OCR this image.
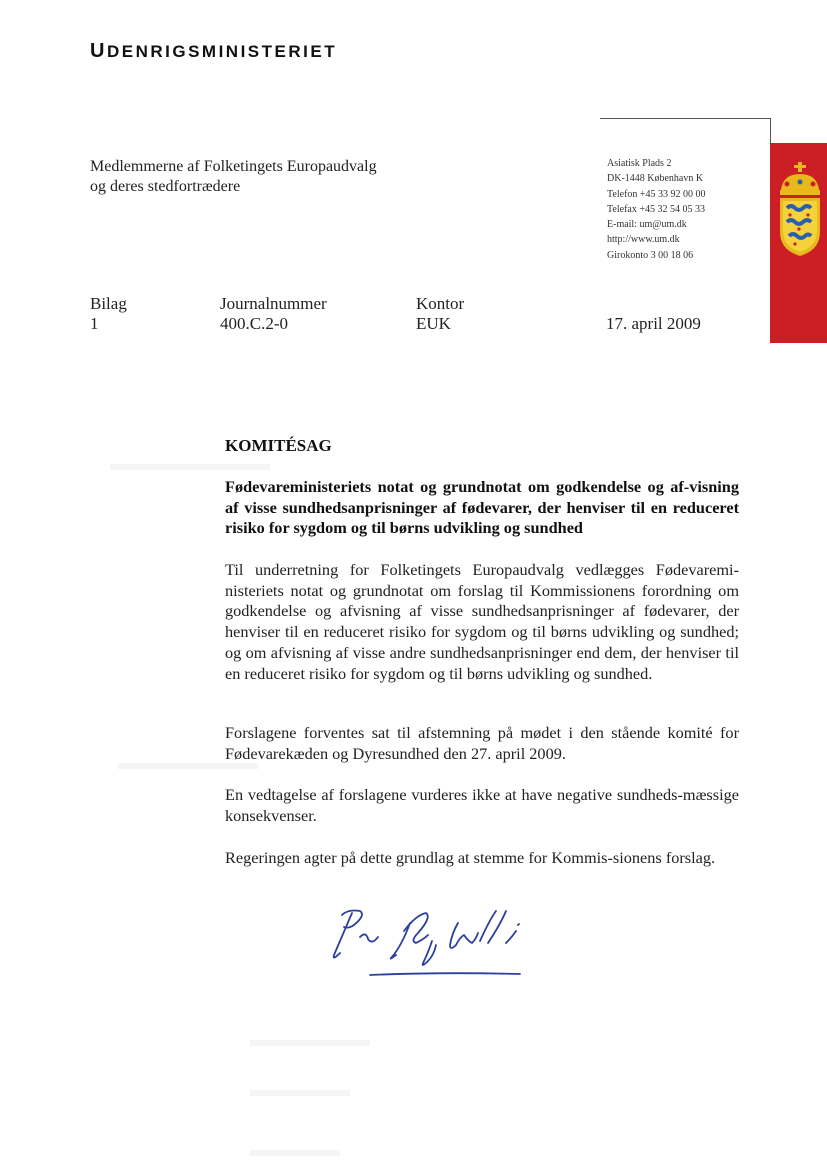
UDENRIGSMINISTERIET
Medlemmerne af Folketingets Europaudvalg
og deres stedfortrædere
Asiatisk Plads 2
DK-1448 København K
Telefon +45 33 92 00 00
Telefax +45 32 54 05 33
E-mail: um@um.dk
http://www.um.dk
Girokonto 3 00 18 06
Bilag
1
Journalnummer
400.C.2-0
Kontor
EUK	17. april 2009
KOMITÉSAG
Fødevareministeriets notat og grundnotat om godkendelse og af-visning af visse sundhedsanprisninger af fødevarer, der henviser til en reduceret risiko for sygdom og til børns udvikling og sundhed
Til underretning for Folketingets Europaudvalg vedlægges Fødevaremi-nisteriets notat og grundnotat om forslag til Kommissionens forordning om godkendelse og afvisning af visse sundhedsanprisninger af fødevarer, der henviser til en reduceret risiko for sygdom og til børns udvikling og sundhed; og om afvisning af visse andre sundhedsanprisninger end dem, der henviser til en reduceret risiko for sygdom og til børns udvikling og sundhed.
Forslagene forventes sat til afstemning på mødet i den stående komité for Fødevarekæden og Dyresundhed den 27. april 2009.
En vedtagelse af forslagene vurderes ikke at have negative sundheds-mæssige konsekvenser.
Regeringen agter på dette grundlag at stemme for Kommis-sionens forslag.
